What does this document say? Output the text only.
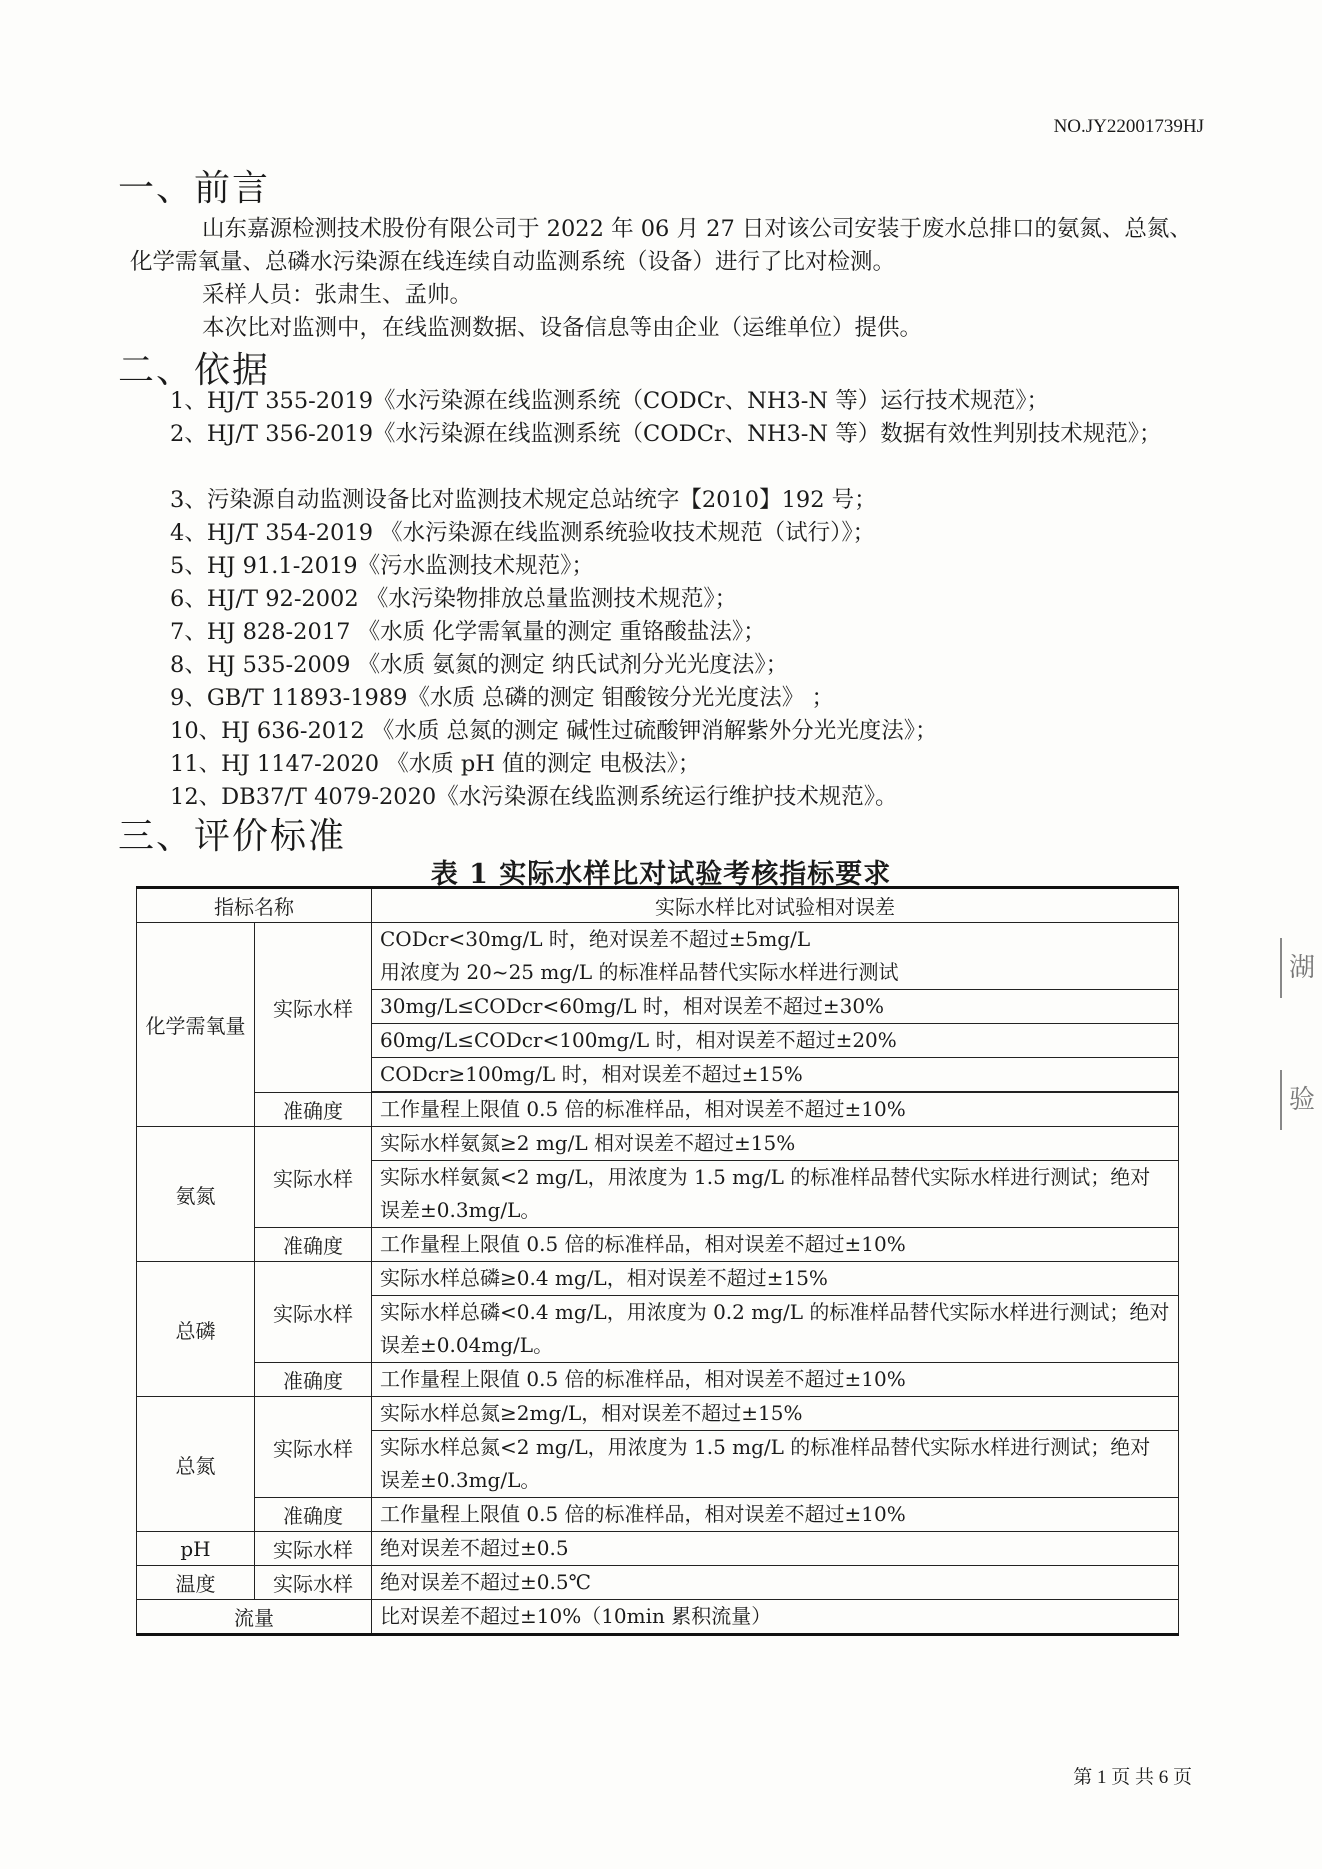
NO.JY22001739HJ
一、前言
山东嘉源检测技术股份有限公司于 2022 年 06 月 27 日对该公司安装于废水总排口的氨氮、总氮、化学需氧量、总磷水污染源在线连续自动监测系统（设备）进行了比对检测。
采样人员：张肃生、孟帅。
本次比对监测中，在线监测数据、设备信息等由企业（运维单位）提供。
二、依据
1、HJ/T 355-2019《水污染源在线监测系统（CODCr、NH3-N 等）运行技术规范》；
2、HJ/T 356-2019《水污染源在线监测系统（CODCr、NH3-N 等）数据有效性判别技术规范》；
3、污染源自动监测设备比对监测技术规定总站统字【2010】192 号；
4、HJ/T 354-2019 《水污染源在线监测系统验收技术规范（试行）》；
5、HJ 91.1-2019《污水监测技术规范》；
6、HJ/T 92-2002 《水污染物排放总量监测技术规范》；
7、HJ 828-2017 《水质 化学需氧量的测定 重铬酸盐法》；
8、HJ 535-2009 《水质 氨氮的测定 纳氏试剂分光光度法》；
9、GB/T 11893-1989《水质 总磷的测定 钼酸铵分光光度法》 ；
10、HJ 636-2012 《水质 总氮的测定 碱性过硫酸钾消解紫外分光光度法》；
11、HJ 1147-2020 《水质 pH 值的测定 电极法》；
12、DB37/T 4079-2020《水污染源在线监测系统运行维护技术规范》。
三、评价标准
表 1 实际水样比对试验考核指标要求
指标名称		实际水样比对试验相对误差
化学需氧量	实际水样	CODcr<30mg/L 时，绝对误差不超过±5mg/L
用浓度为 20~25 mg/L 的标准样品替代实际水样进行测试

		30mg/L≤CODcr<60mg/L 时，相对误差不超过±30%
		60mg/L≤CODcr<100mg/L 时，相对误差不超过±20%
		CODcr≥100mg/L 时，相对误差不超过±15%

	准确度	工作量程上限值 0.5 倍的标准样品，相对误差不超过±10%
氨氮	实际水样	实际水样氨氮≥2 mg/L 相对误差不超过±15%
		实际水样氨氮<2 mg/L，用浓度为 1.5 mg/L 的标准样品替代实际水样进行测试；绝对误差±0.3mg/L。
	准确度	工作量程上限值 0.5 倍的标准样品，相对误差不超过±10%
总磷	实际水样	实际水样总磷≥0.4 mg/L，相对误差不超过±15%
		实际水样总磷<0.4 mg/L，用浓度为 0.2 mg/L 的标准样品替代实际水样进行测试；绝对误差±0.04mg/L。
	准确度	工作量程上限值 0.5 倍的标准样品，相对误差不超过±10%
总氮	实际水样	实际水样总氮≥2mg/L，相对误差不超过±15%
		实际水样总氮<2 mg/L，用浓度为 1.5 mg/L 的标准样品替代实际水样进行测试；绝对误差±0.3mg/L。
	准确度	工作量程上限值 0.5 倍的标准样品，相对误差不超过±10%
pH	实际水样	绝对误差不超过±0.5
温度	实际水样	绝对误差不超过±0.5℃
流量		比对误差不超过±10%（10min 累积流量）
湖
验
第 1 页 共 6 页
